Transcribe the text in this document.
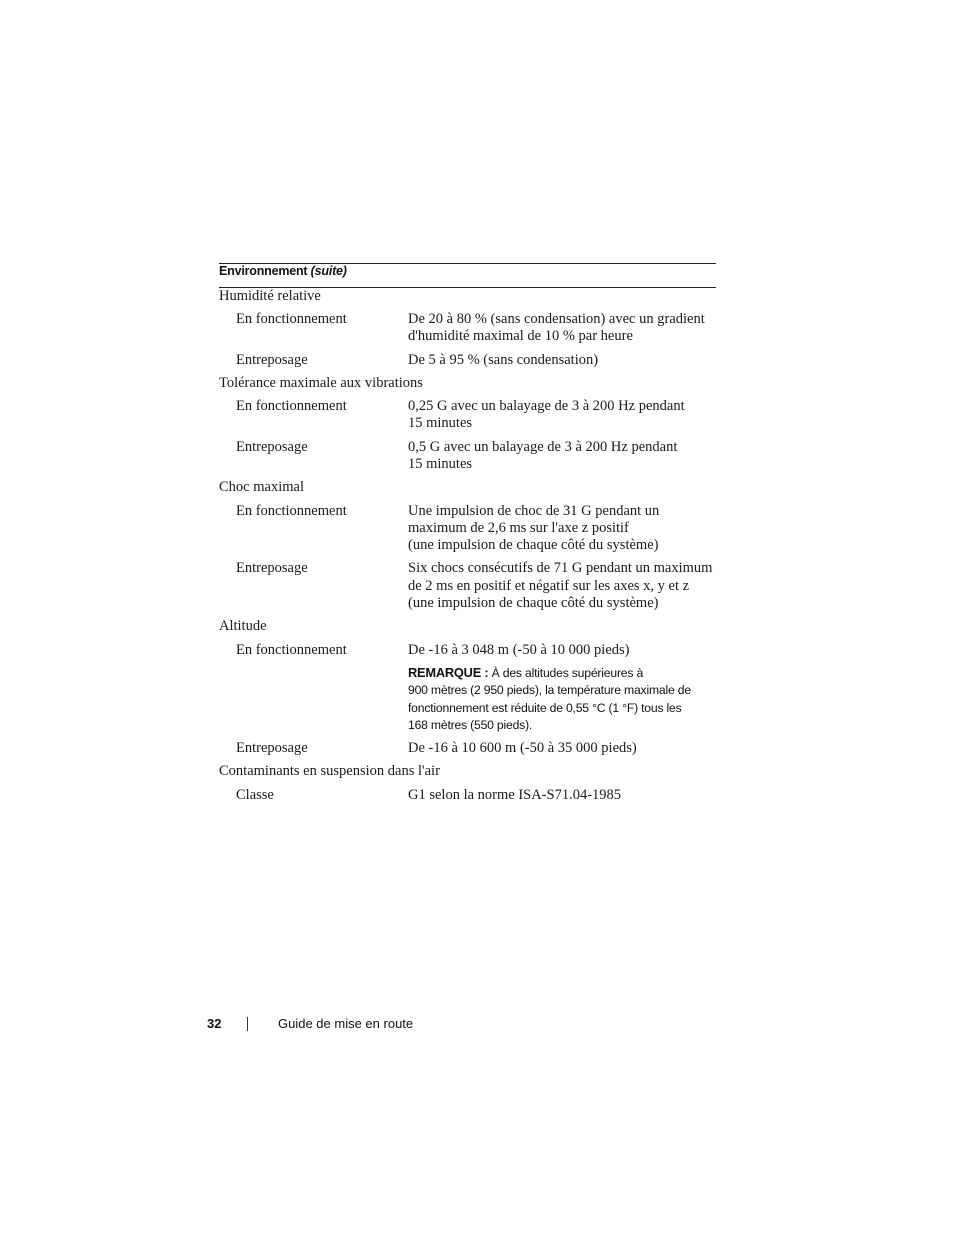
Environnement (suite)
Humidité relative
En fonctionnement	De 20 à 80 % (sans condensation) avec un gradient
d'humidité maximal de 10 % par heure
Entreposage	De 5 à 95 % (sans condensation)
Tolérance maximale aux vibrations
En fonctionnement	0,25 G avec un balayage de 3 à 200 Hz pendant
15 minutes
Entreposage	0,5 G avec un balayage de 3 à 200 Hz pendant
15 minutes
Choc maximal
En fonctionnement	Une impulsion de choc de 31 G pendant un
maximum de 2,6 ms sur l'axe z positif
(une impulsion de chaque côté du système)
Entreposage	Six chocs consécutifs de 71 G pendant un maximum
de 2 ms en positif et négatif sur les axes x, y et z
(une impulsion de chaque côté du système)
Altitude
En fonctionnement	De -16 à 3 048 m (-50 à 10 000 pieds)
REMARQUE : À des altitudes supérieures à
900 mètres (2 950 pieds), la température maximale de
fonctionnement est réduite de 0,55 °C (1 °F) tous les
168 mètres (550 pieds).
Entreposage	De -16 à 10 600 m (-50 à 35 000 pieds)
Contaminants en suspension dans l'air
Classe	G1 selon la norme ISA-S71.04-1985
32	Guide de mise en route
